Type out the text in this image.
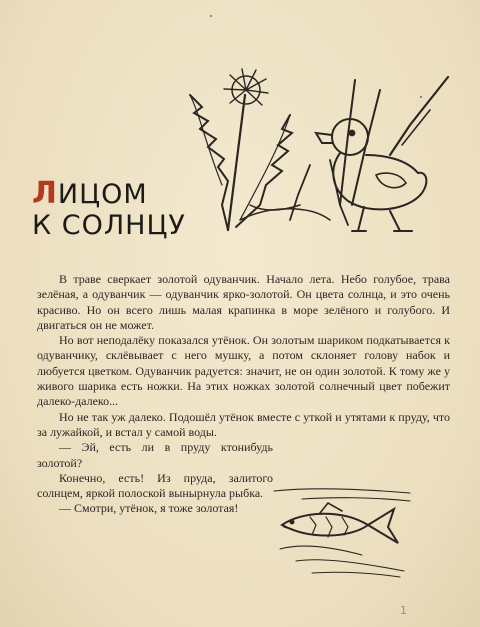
ЛИЦОМ
К СОЛНЦУ

В траве сверкает золотой одуванчик. Начало лета. Небо голубое, трава зелёная, а одуванчик — одуванчик ярко-золотой. Он цвета солнца, и это очень красиво. Но он всего лишь малая крапинка в море зелёного и голубого. И двигаться он не может.

Но вот неподалёку показался утёнок. Он золотым шариком подкатывается к одуванчику, склёвывает с него мушку, а потом склоняет голову набок и любуется цветком. Одуванчик радуется: значит, не он один золотой. К тому же у живого шарика есть ножки. На этих ножках золотой солнечный цвет побежит далеко-далеко...

Но не так уж далеко. Подошёл утёнок вместе с уткой и утятами к пруду, что за лужайкой, и встал у самой воды.

— Эй, есть ли в пруду ктонибудь золотой?

Конечно, есть! Из пруда, залитого солнцем, яркой полоской вынырнула рыбка.

— Смотри, утёнок, я тоже золотая!

1
